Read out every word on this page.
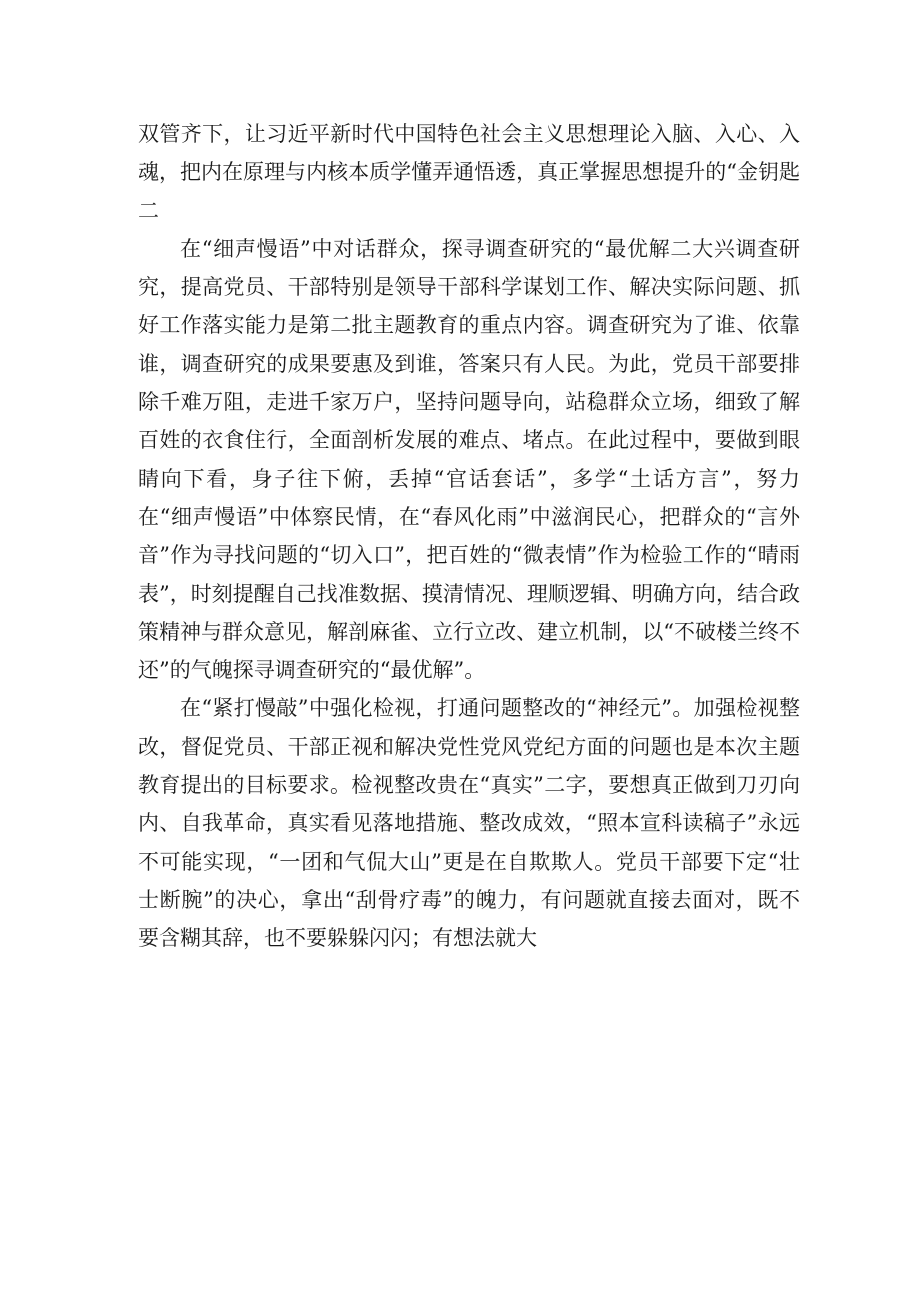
双管齐下，让习近平新时代中国特色社会主义思想理论入脑、入心、入魂，把内在原理与内核本质学懂弄通悟透，真正掌握思想提升的“金钥匙二

在“细声慢语”中对话群众，探寻调查研究的“最优解二大兴调查研究，提高党员、干部特别是领导干部科学谋划工作、解决实际问题、抓好工作落实能力是第二批主题教育的重点内容。调查研究为了谁、依靠谁，调查研究的成果要惠及到谁，答案只有人民。为此，党员干部要排除千难万阻，走进千家万户，坚持问题导向，站稳群众立场，细致了解百姓的衣食住行，全面剖析发展的难点、堵点。在此过程中，要做到眼睛向下看，身子往下俯，丢掉“官话套话”，多学“土话方言”，努力在“细声慢语”中体察民情，在“春风化雨”中滋润民心，把群众的“言外音”作为寻找问题的“切入口”，把百姓的“微表情”作为检验工作的“晴雨表”，时刻提醒自己找准数据、摸清情况、理顺逻辑、明确方向，结合政策精神与群众意见，解剖麻雀、立行立改、建立机制，以“不破楼兰终不还”的气魄探寻调查研究的“最优解”。

在“紧打慢敲”中强化检视，打通问题整改的“神经元”。加强检视整改，督促党员、干部正视和解决党性党风党纪方面的问题也是本次主题教育提出的目标要求。检视整改贵在“真实”二字，要想真正做到刀刃向内、自我革命，真实看见落地措施、整改成效，“照本宣科读稿子”永远不可能实现，“一团和气侃大山”更是在自欺欺人。党员干部要下定“壮士断腕”的决心，拿出“刮骨疗毒”的魄力，有问题就直接去面对，既不要含糊其辞，也不要躲躲闪闪；有想法就大
